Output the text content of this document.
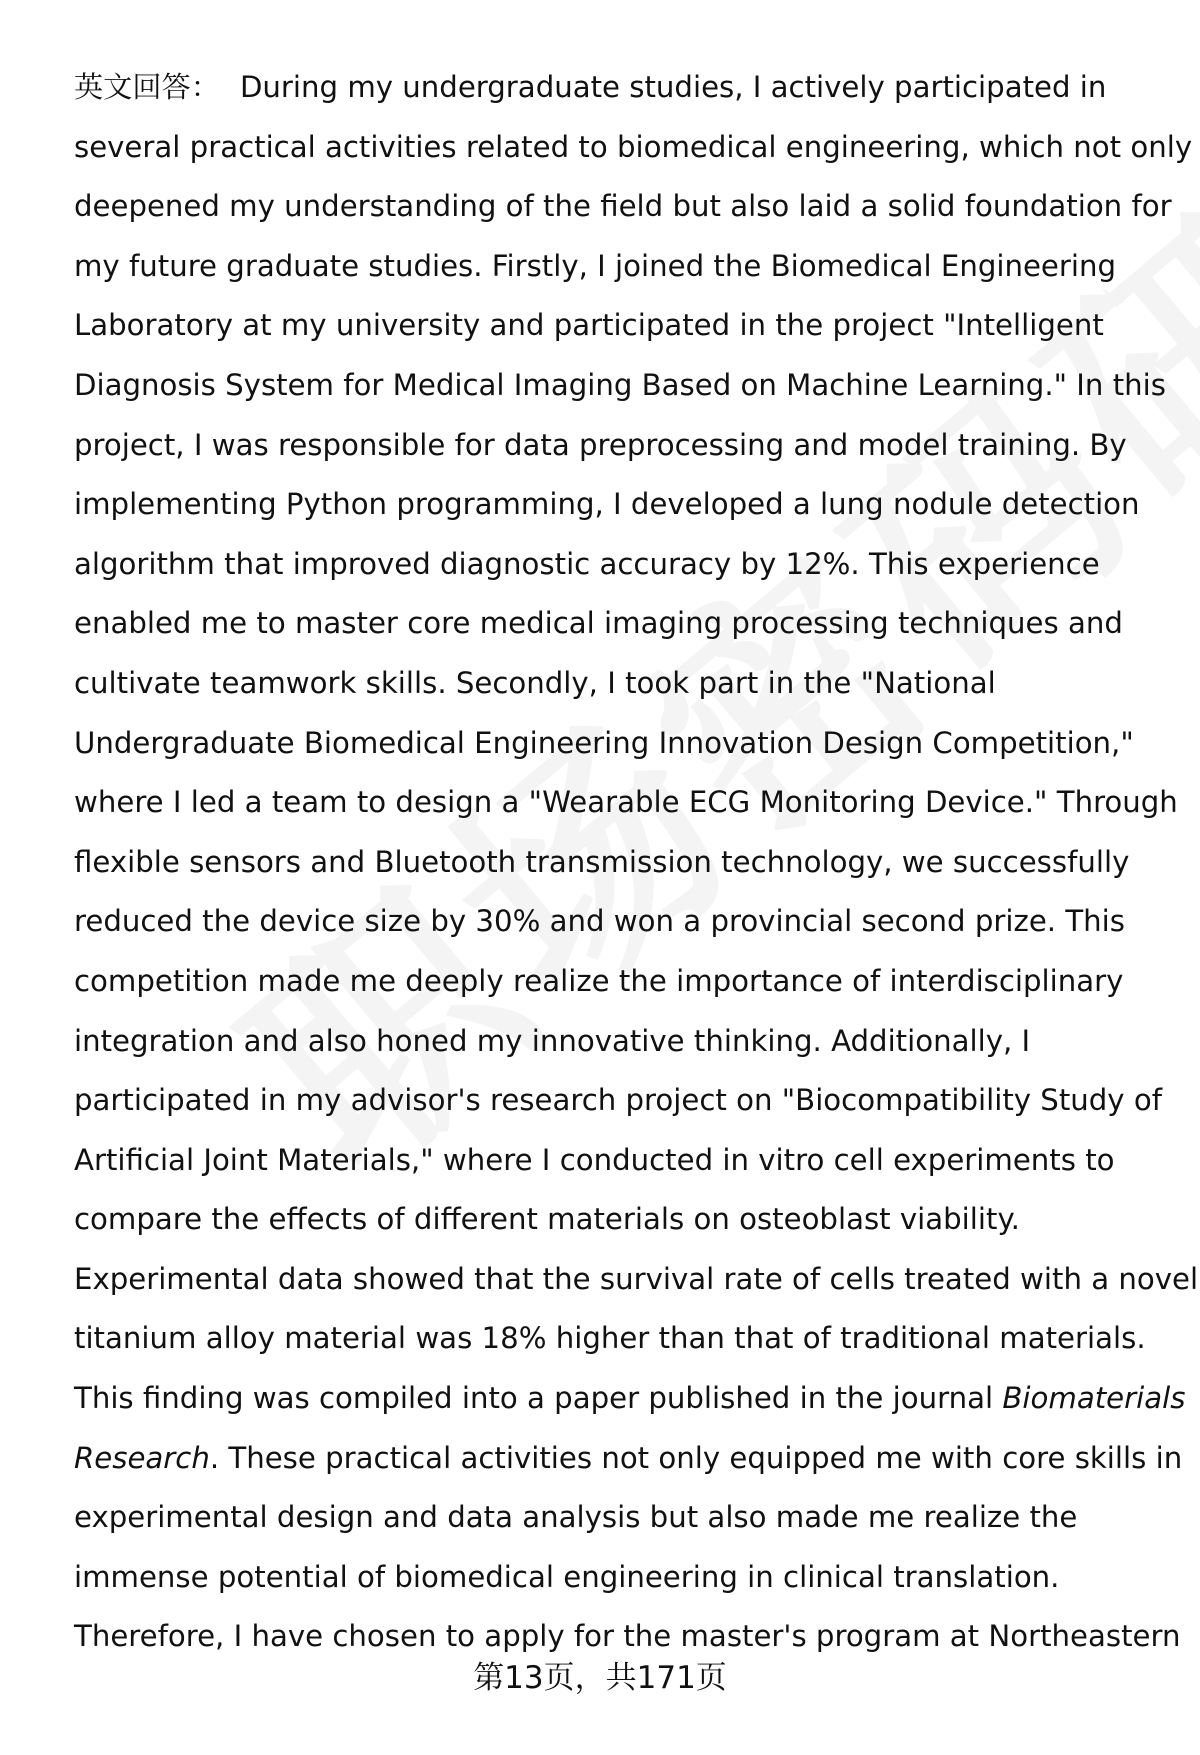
英文回答： During my undergraduate studies, I actively participated in
several practical activities related to biomedical engineering, which not only
deepened my understanding of the field but also laid a solid foundation for
my future graduate studies. Firstly, I joined the Biomedical Engineering
Laboratory at my university and participated in the project "Intelligent
Diagnosis System for Medical Imaging Based on Machine Learning." In this
project, I was responsible for data preprocessing and model training. By
implementing Python programming, I developed a lung nodule detection
algorithm that improved diagnostic accuracy by 12%. This experience
enabled me to master core medical imaging processing techniques and
cultivate teamwork skills. Secondly, I took part in the "National
Undergraduate Biomedical Engineering Innovation Design Competition,"
where I led a team to design a "Wearable ECG Monitoring Device." Through
flexible sensors and Bluetooth transmission technology, we successfully
reduced the device size by 30% and won a provincial second prize. This
competition made me deeply realize the importance of interdisciplinary
integration and also honed my innovative thinking. Additionally, I
participated in my advisor's research project on "Biocompatibility Study of
Artificial Joint Materials," where I conducted in vitro cell experiments to
compare the effects of different materials on osteoblast viability.
Experimental data showed that the survival rate of cells treated with a novel
titanium alloy material was 18% higher than that of traditional materials.
This finding was compiled into a paper published in the journal Biomaterials
Research. These practical activities not only equipped me with core skills in
experimental design and data analysis but also made me realize the
immense potential of biomedical engineering in clinical translation.
Therefore, I have chosen to apply for the master's program at Northeastern
第13页，共171页
